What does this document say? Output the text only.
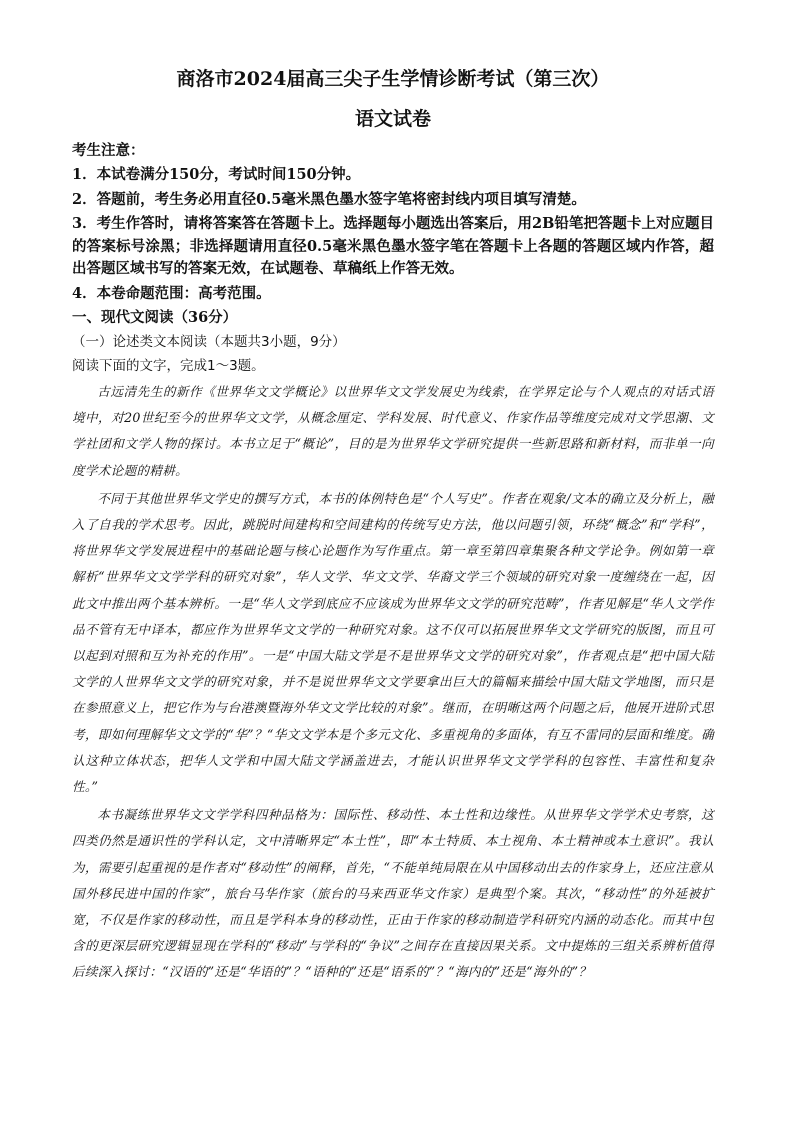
商洛市2024届高三尖子生学情诊断考试（第三次）
语文试卷

考生注意：

1．本试卷满分150分，考试时间150分钟。

2．答题前，考生务必用直径0.5毫米黑色墨水签字笔将密封线内项目填写清楚。

3．考生作答时，请将答案答在答题卡上。选择题每小题选出答案后，用2B铅笔把答题卡上对应题目的答案标号涂黑；非选择题请用直径0.5毫米黑色墨水签字笔在答题卡上各题的答题区域内作答，超出答题区域书写的答案无效，在试题卷、草稿纸上作答无效。

4．本卷命题范围：高考范围。

一、现代文阅读（36分）

（一）论述类文本阅读（本题共3小题，9分）

阅读下面的文字，完成1～3题。

古远清先生的新作《世界华文文学概论》以世界华文文学发展史为线索，在学界定论与个人观点的对话式语境中，对20世纪至今的世界华文文学，从概念厘定、学科发展、时代意义、作家作品等维度完成对文学思潮、文学社团和文学人物的探讨。本书立足于“概论”，目的是为世界华文学研究提供一些新思路和新材料，而非单一向度学术论题的精耕。

不同于其他世界华文学史的撰写方式，本书的体例特色是“个人写史”。作者在观象/文本的确立及分析上，融入了自我的学术思考。因此，跳脱时间建构和空间建构的传统写史方法，他以问题引领，环绕“概念”和“学科”，将世界华文学发展进程中的基础论题与核心论题作为写作重点。第一章至第四章集聚各种文学论争。例如第一章解析“世界华文文学学科的研究对象”，华人文学、华文文学、华裔文学三个领域的研究对象一度缠绕在一起，因此文中推出两个基本辨析。一是“华人文学到底应不应该成为世界华文文学的研究范畴”，作者见解是“华人文学作品不管有无中译本，都应作为世界华文文学的一种研究对象。这不仅可以拓展世界华文文学研究的版图，而且可以起到对照和互为补充的作用”。一是“中国大陆文学是不是世界华文文学的研究对象”，作者观点是“把中国大陆文学的人世界华文文学的研究对象，并不是说世界华文文学要拿出巨大的篇幅来描绘中国大陆文学地图，而只是在参照意义上，把它作为与台港澳暨海外华文文学比较的对象”。继而，在明晰这两个问题之后，他展开进阶式思考，即如何理解华文文学的“华”？“华文文学本是个多元文化、多重视角的多面体，有互不雷同的层面和维度。确认这种立体状态，把华人文学和中国大陆文学涵盖进去，才能认识世界华文文学学科的包容性、丰富性和复杂性。”

本书凝练世界华文文学学科四种品格为：国际性、移动性、本土性和边缘性。从世界华文学学术史考察，这四类仍然是通识性的学科认定，文中清晰界定“本土性”，即“本土特质、本土视角、本土精神或本土意识”。我认为，需要引起重视的是作者对“移动性”的阐释，首先，“不能单纯局限在从中国移动出去的作家身上，还应注意从国外移民进中国的作家”，旅台马华作家（旅台的马来西亚华文作家）是典型个案。其次，“移动性”的外延被扩宽，不仅是作家的移动性，而且是学科本身的移动性，正由于作家的移动制造学科研究内涵的动态化。而其中包含的更深层研究逻辑显现在学科的“移动”与学科的“争议”之间存在直接因果关系。文中提炼的三组关系辨析值得后续深入探讨：“汉语的”还是“华语的”？“语种的”还是“语系的”？“海内的”还是“海外的”？
